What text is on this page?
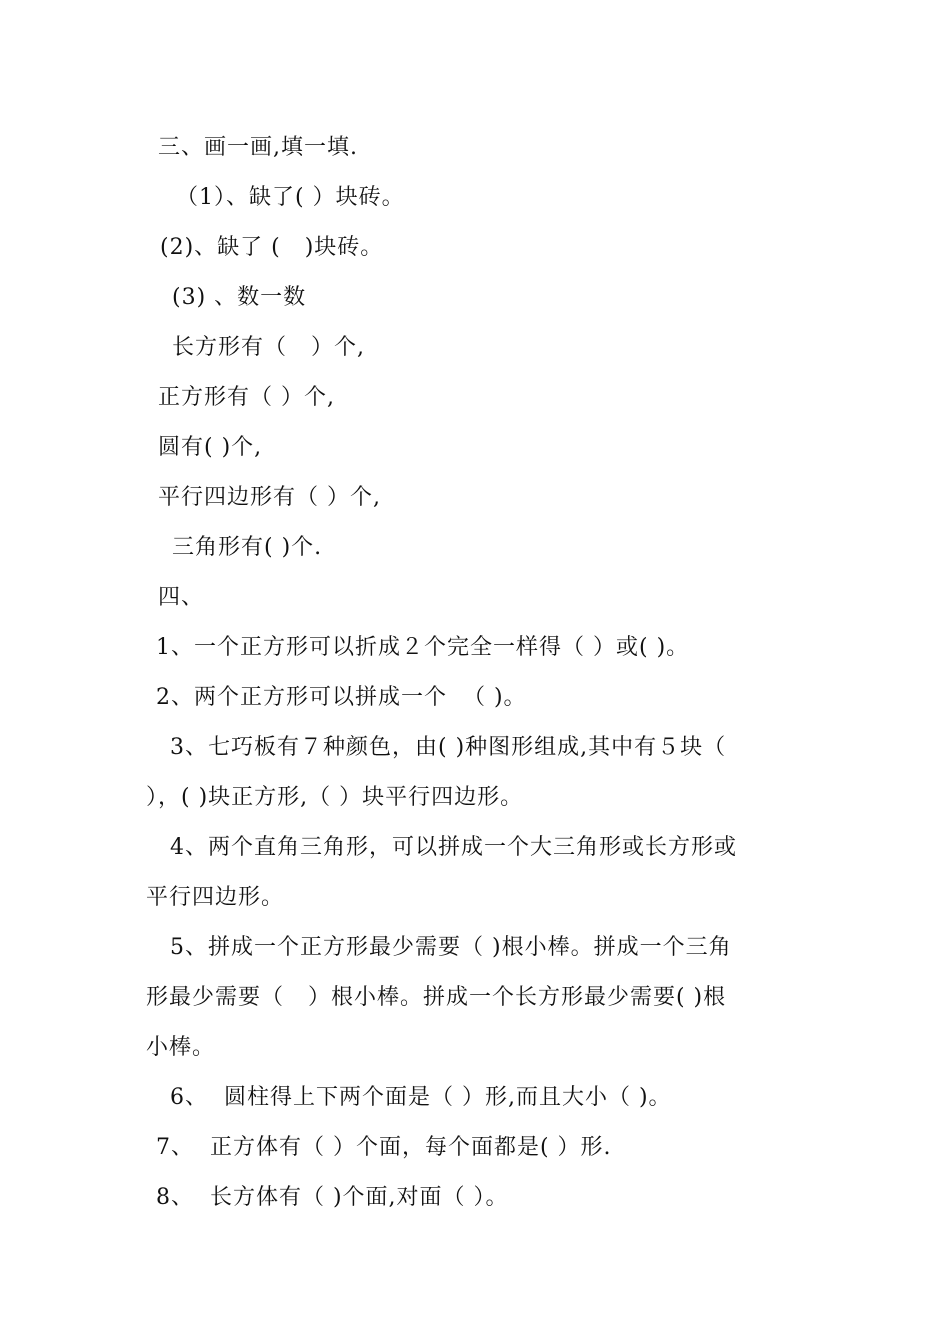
三、画一画,填一填.
（1）、缺了( ）块砖。
(2)、缺了 (   )块砖。
(3) 、数一数
长方形有（   ）个,
正方形有（ ）个,
圆有( )个,
平行四边形有（ ）个,
三角形有( )个.
四、
1、一个正方形可以折成２个完全一样得（ ）或( )。
2、两个正方形可以拼成一个  （ )。
3、七巧板有７种颜色，由( )种图形组成,其中有５块（
），( )块正方形,（ ）块平行四边形。
4、两个直角三角形，可以拼成一个大三角形或长方形或
平行四边形。
5、拼成一个正方形最少需要（ )根小棒。拼成一个三角
形最少需要（   ）根小棒。拼成一个长方形最少需要( )根
小棒。
6、  圆柱得上下两个面是（ ）形,而且大小（ )。
7、  正方体有（ ）个面，每个面都是( ）形.
8、  长方体有（ )个面,对面（ ）。
